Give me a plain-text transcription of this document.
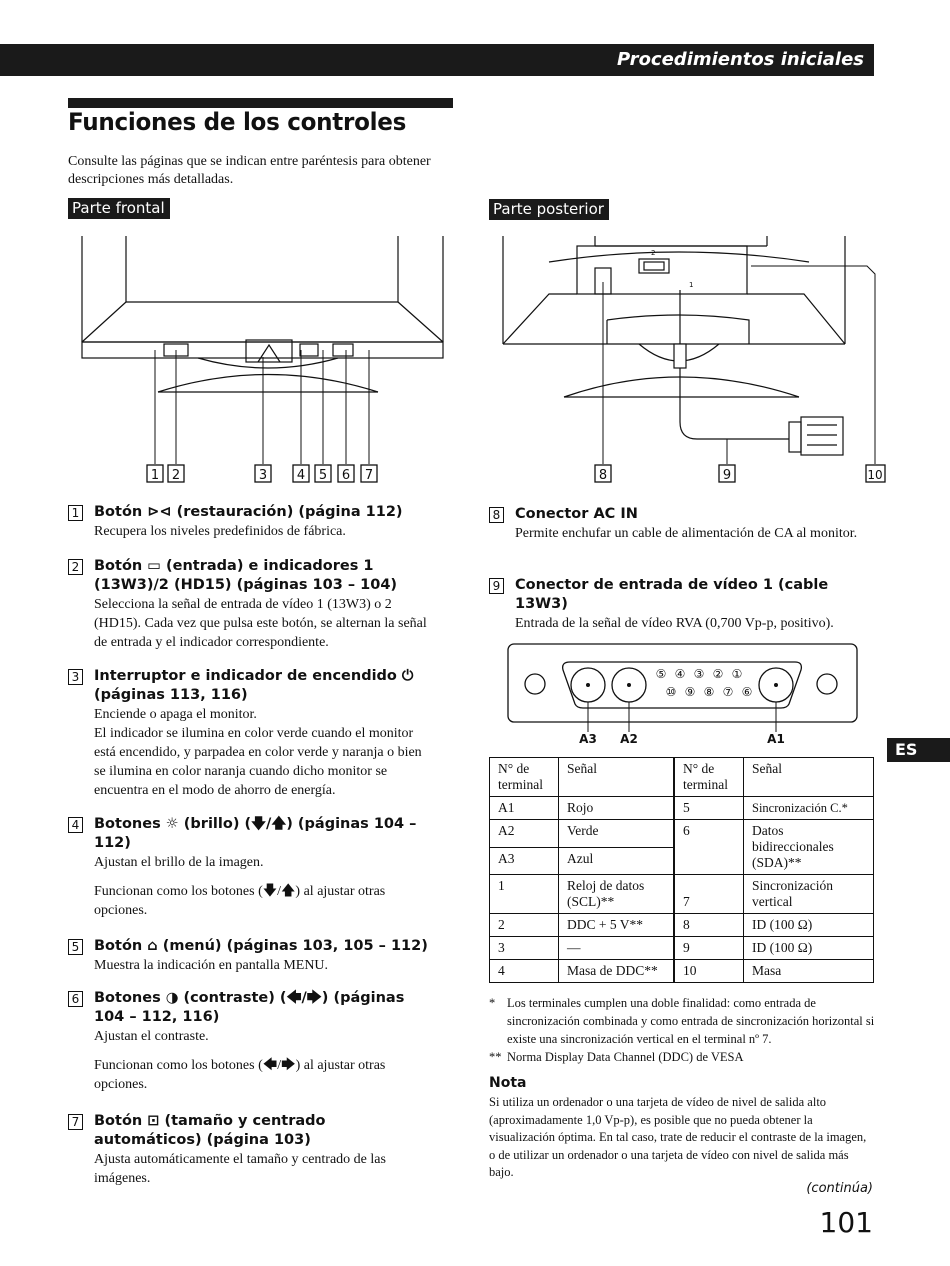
Procedimientos iniciales
Funciones de los controles
Consulte las páginas que se indican entre paréntesis para obtener descripciones más detalladas.
Parte frontal	Parte posterior
1 2	3 4 5 6 7
2
1
8	9	10
1 Botón ⊳⊲ (restauración) (página 112)
Recupera los niveles predefinidos de fábrica.
2 Botón ▭ (entrada) e indicadores 1 (13W3)/2 (HD15) (páginas 103 – 104)
Selecciona la señal de entrada de vídeo 1 (13W3) o 2 (HD15). Cada vez que pulsa este botón, se alternan la señal de entrada y el indicador correspondiente.
3 Interruptor e indicador de encendido ⏻ (páginas 113, 116)
Enciende o apaga el monitor.
El indicador se ilumina en color verde cuando el monitor está encendido, y parpadea en color verde y naranja o bien se ilumina en color naranja cuando dicho monitor se encuentra en el modo de ahorro de energía.
4 Botones ☼ (brillo) (🡇/🡅) (páginas 104 – 112)
Ajustan el brillo de la imagen.
Funcionan como los botones (🡇/🡅) al ajustar otras opciones.
5 Botón ⌂ (menú) (páginas 103, 105 – 112)
Muestra la indicación en pantalla MENU.
6 Botones ◑ (contraste) (🡄/🡆) (páginas 104 – 112, 116)
Ajustan el contraste.
Funcionan como los botones (🡄/🡆) al ajustar otras opciones.
7 Botón ⊡ (tamaño y centrado automáticos) (página 103)
Ajusta automáticamente el tamaño y centrado de las imágenes.
8 Conector AC IN
Permite enchufar un cable de alimentación de CA al monitor.
9 Conector de entrada de vídeo 1 (cable 13W3)
Entrada de la señal de vídeo RVA (0,700 Vp-p, positivo).
⑤ ④ ③ ② ①
⑩ ⑨ ⑧ ⑦ ⑥
A3 A2	A1
N° de terminal	Señal	N° de terminal	Señal
A1	Rojo	5	Sincronización C.*
A2	Verde	6	Datos bidireccionales (SDA)**
A3	Azul		
1	Reloj de datos (SCL)**	7	Sincronización vertical
2	DDC + 5 V**	8	ID (100 Ω)
3	—	9	ID (100 Ω)
4	Masa de DDC**	10	Masa
* Los terminales cumplen una doble finalidad: como entrada de sincronización combinada y como entrada de sincronización horizontal si existe una sincronización vertical en el terminal nº 7.
** Norma Display Data Channel (DDC) de VESA
Nota
Si utiliza un ordenador o una tarjeta de vídeo de nivel de salida alto (aproximadamente 1,0 Vp-p), es posible que no pueda obtener la visualización óptima. En tal caso, trate de reducir el contraste de la imagen, o de utilizar un ordenador o una tarjeta de vídeo con nivel de salida más bajo.
(continúa)
101
ES
